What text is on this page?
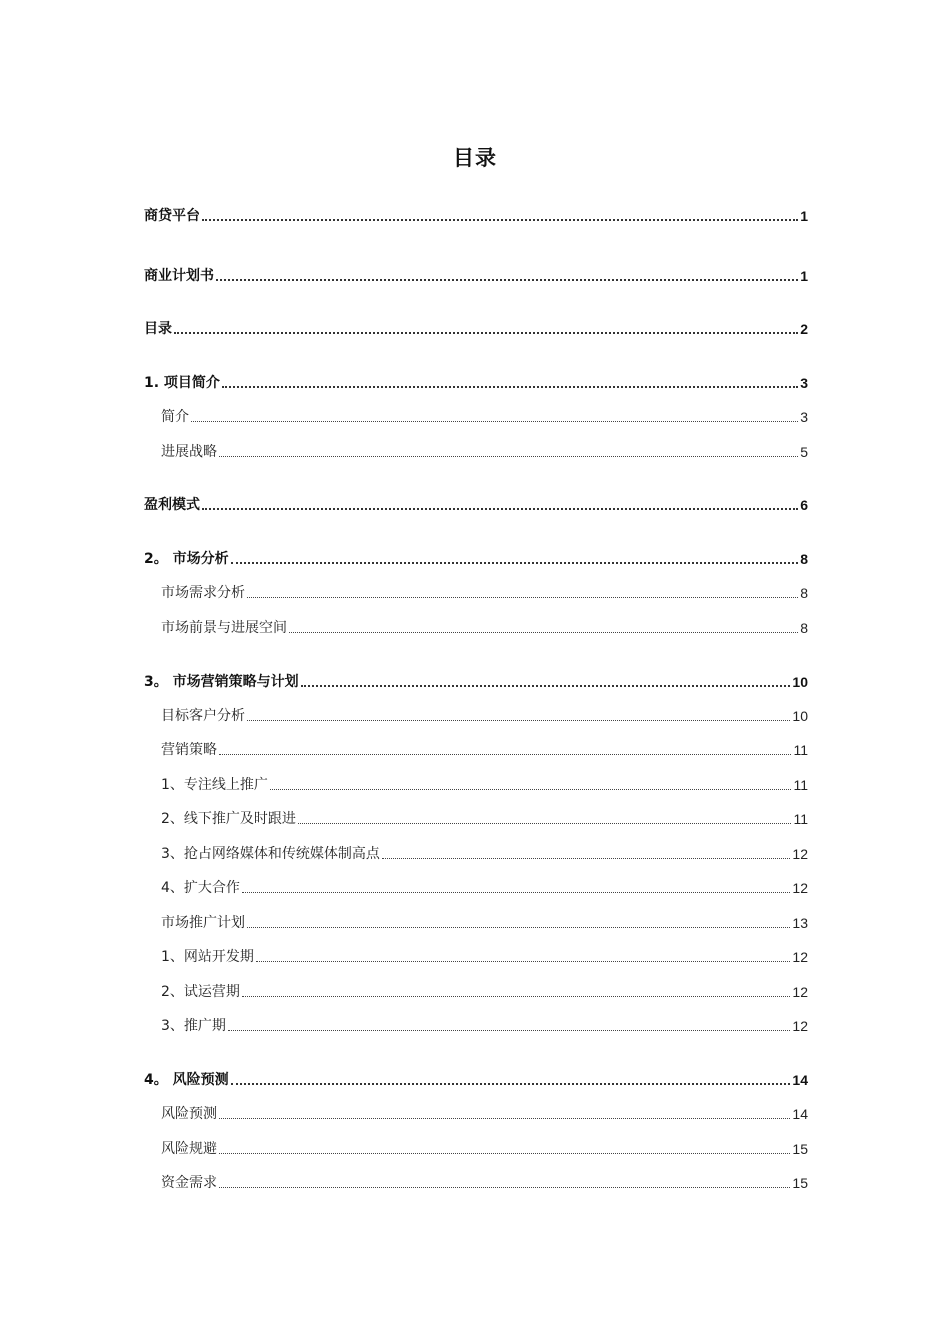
目录
商贷平台	1
商业计划书	1
目录	2
1. 项目简介	3
简介	3
进展战略	5
盈利模式	6
2。 市场分析	8
市场需求分析	8
市场前景与进展空间	8
3。 市场营销策略与计划	10
目标客户分析	10
营销策略	11
1、专注线上推广	11
2、线下推广及时跟进	11
3、抢占网络媒体和传统媒体制高点	12
4、扩大合作	12
市场推广计划	13
1、网站开发期	12
2、试运营期	12
3、推广期	12
4。 风险预测	14
风险预测	14
风险规避	15
资金需求	15
